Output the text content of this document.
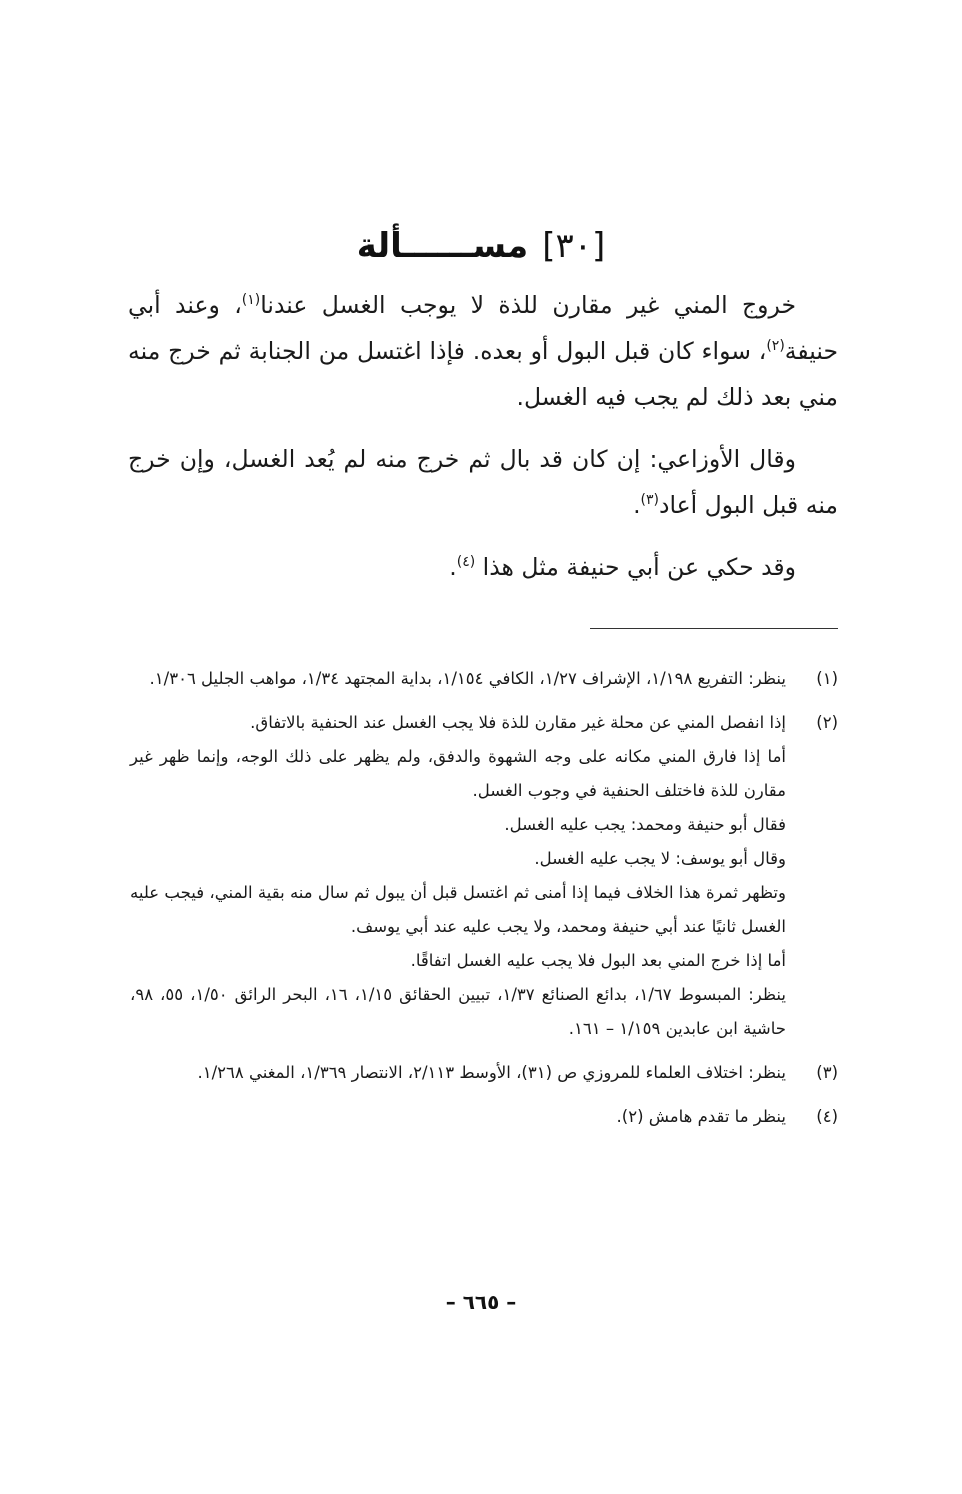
[٣٠]مســــــألة

خروج المني غير مقارن للذة لا يوجب الغسل عندنا$^{(١)}$، وعند أبي حنيفة$^{(٢)}$، سواء كان قبل البول أو بعده. فإذا اغتسل من الجنابة ثم خرج منه مني بعد ذلك لم يجب فيه الغسل.

وقال الأوزاعي: إن كان قد بال ثم خرج منه لم يُعد الغسل، وإن خرج منه قبل البول أعاد$^{(٣)}$.

وقد حكي عن أبي حنيفة مثل هذا $^{(٤)}$.

(١)
ينظر: التفريع ١/١٩٨، الإشراف ١/٢٧، الكافي ١/١٥٤، بداية المجتهد ١/٣٤، مواهب الجليل ١/٣٠٦.
(٢)
إذا انفصل المني عن محلة غير مقارن للذة فلا يجب الغسل عند الحنفية بالاتفاق.
أما إذا فارق المني مكانه على وجه الشهوة والدفق، ولم يظهر على ذلك الوجه، وإنما ظهر غير مقارن للذة فاختلف الحنفية في وجوب الغسل.
فقال أبو حنيفة ومحمد: يجب عليه الغسل.
وقال أبو يوسف: لا يجب عليه الغسل.
وتظهر ثمرة هذا الخلاف فيما إذا أمنى ثم اغتسل قبل أن يبول ثم سال منه بقية المني، فيجب عليه الغسل ثانيًا عند أبي حنيفة ومحمد، ولا يجب عليه عند أبي يوسف.
أما إذا خرج المني بعد البول فلا يجب عليه الغسل اتفاقًا.
ينظر: المبسوط ١/٦٧، بدائع الصنائع ١/٣٧، تبيين الحقائق ١/١٥، ١٦، البحر الرائق ١/٥٠، ٥٥، ٩٨، حاشية ابن عابدين ١/١٥٩ – ١٦١.
(٣)
ينظر: اختلاف العلماء للمروزي ص (٣١)، الأوسط ٢/١١٣، الانتصار ١/٣٦٩، المغني ١/٢٦٨.
(٤)
ينظر ما تقدم هامش (٢).
– ٦٦٥ –
